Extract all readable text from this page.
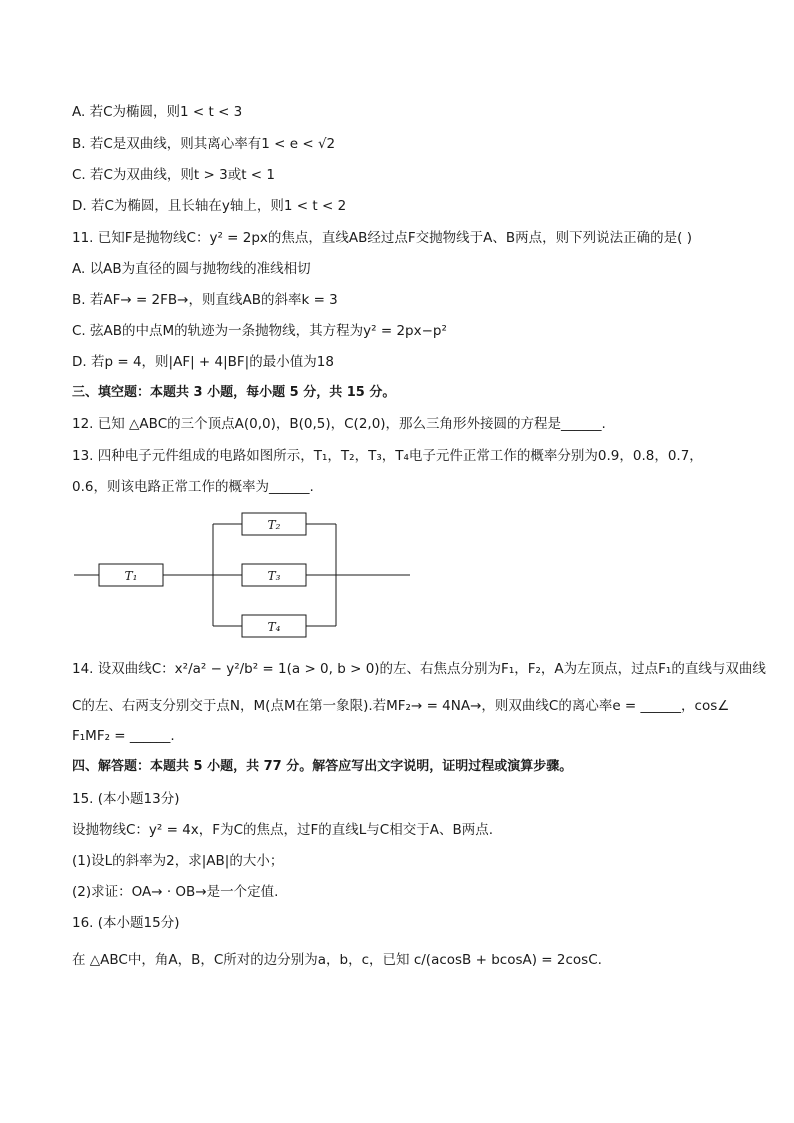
A. 若C为椭圆，则1 < t < 3
B. 若C是双曲线，则其离心率有1 < e < √2
C. 若C为双曲线，则t > 3或t < 1
D. 若C为椭圆，且长轴在y轴上，则1 < t < 2
11. 已知F是抛物线C：y² = 2px的焦点，直线AB经过点F交抛物线于A、B两点，则下列说法正确的是( )
A. 以AB为直径的圆与抛物线的准线相切
B. 若AF→ = 2FB→，则直线AB的斜率k = 3
C. 弦AB的中点M的轨迹为一条抛物线，其方程为y² = 2px−p²
D. 若p = 4，则|AF| + 4|BF|的最小值为18
三、填空题：本题共 3 小题，每小题 5 分，共 15 分。
12. 已知 △ABC的三个顶点A(0,0)，B(0,5)，C(2,0)，那么三角形外接圆的方程是______.
13. 四种电子元件组成的电路如图所示，T₁，T₂，T₃，T₄电子元件正常工作的概率分别为0.9，0.8，0.7，
0.6，则该电路正常工作的概率为______.
T₁
T₂
T₃
T₄
14. 设双曲线C：x²/a² − y²/b² = 1(a > 0, b > 0)的左、右焦点分别为F₁，F₂，A为左顶点，过点F₁的直线与双曲线
C的左、右两支分别交于点N，M(点M在第一象限).若MF₂→ = 4NA→，则双曲线C的离心率e = ______，cos∠
F₁MF₂ = ______.
四、解答题：本题共 5 小题，共 77 分。解答应写出文字说明，证明过程或演算步骤。
15. (本小题13分)
设抛物线C：y² = 4x，F为C的焦点，过F的直线L与C相交于A、B两点.
(1)设L的斜率为2，求|AB|的大小；
(2)求证：OA→ · OB→是一个定值.
16. (本小题15分)
在 △ABC中，角A，B，C所对的边分别为a，b，c，已知 c/(acosB + bcosA) = 2cosC.
